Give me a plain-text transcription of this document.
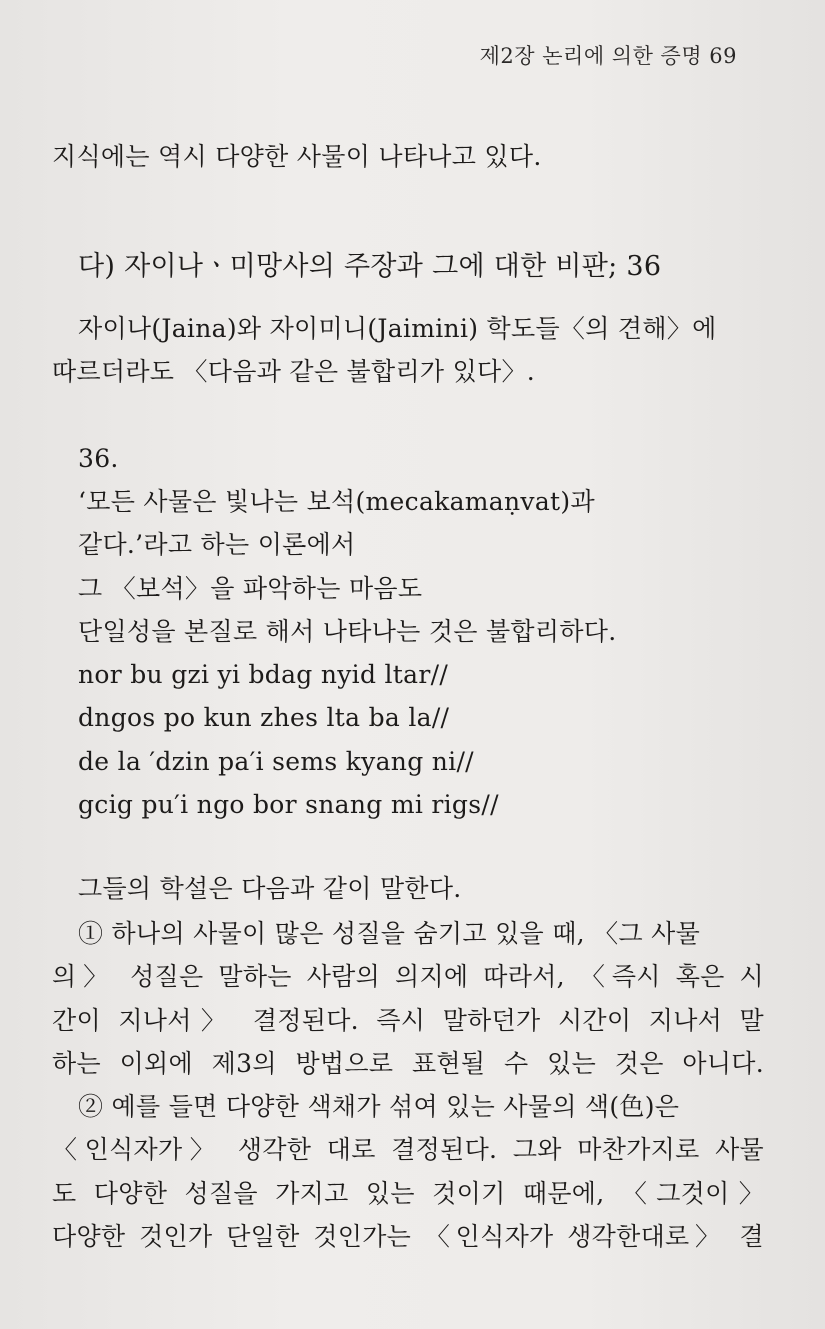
제2장 논리에 의한 증명 69
지식에는 역시 다양한 사물이 나타나고 있다.
다) 자이나ㆍ미망사의 주장과 그에 대한 비판; 36
자이나(Jaina)와 자이미니(Jaimini) 학도들〈의 견해〉에
따르더라도 〈다음과 같은 불합리가 있다〉.
36.
‘모든 사물은 빛나는 보석(mecakamaṇvat)과
같다.’라고 하는 이론에서
그 〈보석〉을 파악하는 마음도
단일성을 본질로 해서 나타나는 것은 불합리하다.
nor bu gzi yi bdag nyid ltar//
dngos po kun zhes lta ba la//
de la ′dzin pa′i sems kyang ni//
gcig pu′i ngo bor snang mi rigs//
그들의 학설은 다음과 같이 말한다.
① 하나의 사물이 많은 성질을 숨기고 있을 때, 〈그 사물
의〉 성질은 말하는 사람의 의지에 따라서, 〈즉시 혹은 시
간이 지나서〉 결정된다. 즉시 말하던가 시간이 지나서 말
하는 이외에 제3의 방법으로 표현될 수 있는 것은 아니다.
② 예를 들면 다양한 색채가 섞여 있는 사물의 색(色)은
〈인식자가〉 생각한 대로 결정된다. 그와 마찬가지로 사물
도 다양한 성질을 가지고 있는 것이기 때문에, 〈그것이〉
다양한 것인가 단일한 것인가는 〈인식자가 생각한대로〉 결
